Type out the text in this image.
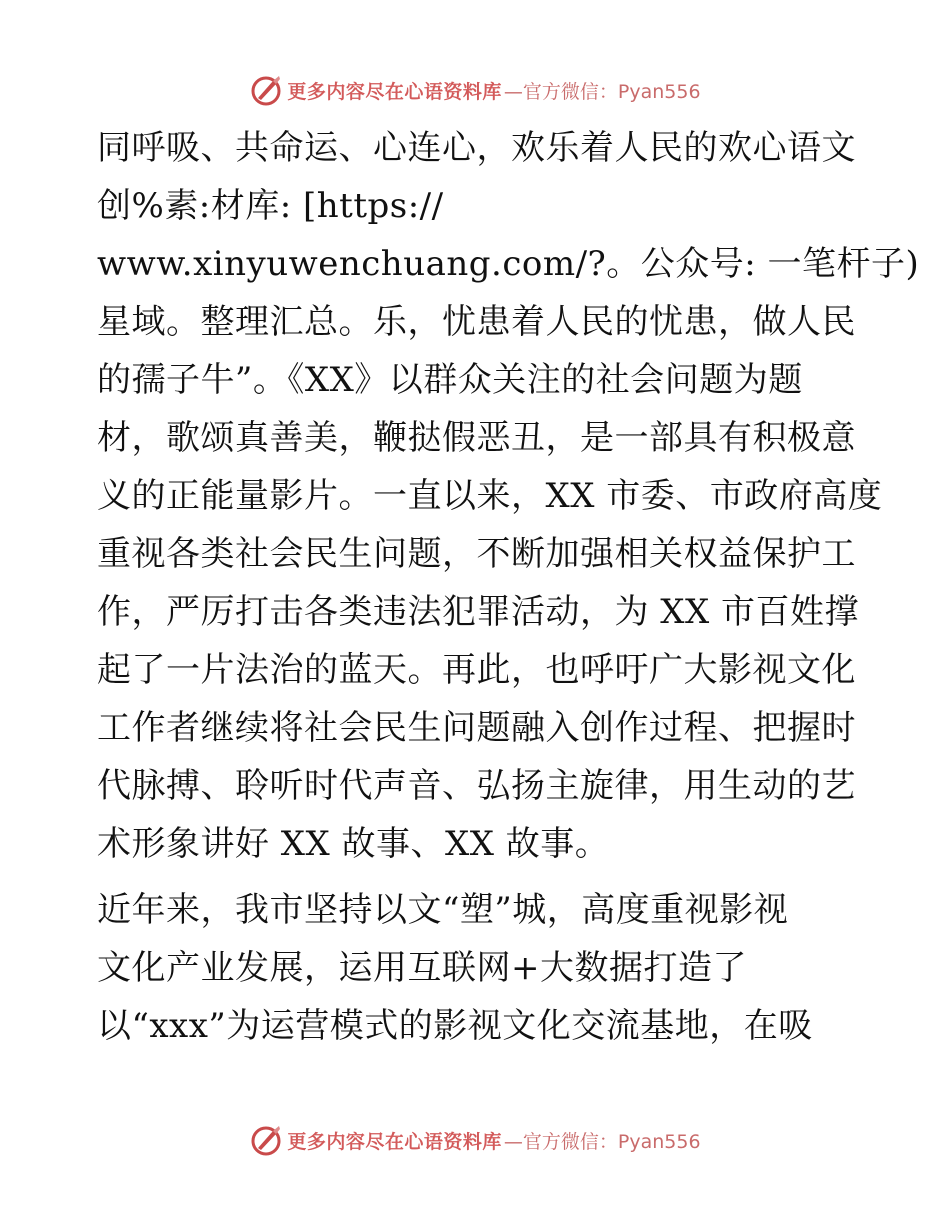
更多内容尽在心语资料库 —官方微信：Pyan556

同呼吸、共命运、心连心，欢乐着人民的欢心语文
创%素:材库: [https://
www.xinyuwenchuang.com/?。公众号: 一笔杆子)
星域。整理汇总。乐，忧患着人民的忧患，做人民
的孺子牛”。《XX》以群众关注的社会问题为题
材，歌颂真善美，鞭挞假恶丑，是一部具有积极意
义的正能量影片。一直以来，XX 市委、市政府高度
重视各类社会民生问题，不断加强相关权益保护工
作，严厉打击各类违法犯罪活动，为 XX 市百姓撑
起了一片法治的蓝天。再此，也呼吁广大影视文化
工作者继续将社会民生问题融入创作过程、把握时
代脉搏、聆听时代声音、弘扬主旋律，用生动的艺
术形象讲好 XX 故事、XX 故事。

近年来，我市坚持以文“塑”城，高度重视影视
文化产业发展，运用互联网+大数据打造了
以“xxx”为运营模式的影视文化交流基地，在吸

更多内容尽在心语资料库 —官方微信：Pyan556
